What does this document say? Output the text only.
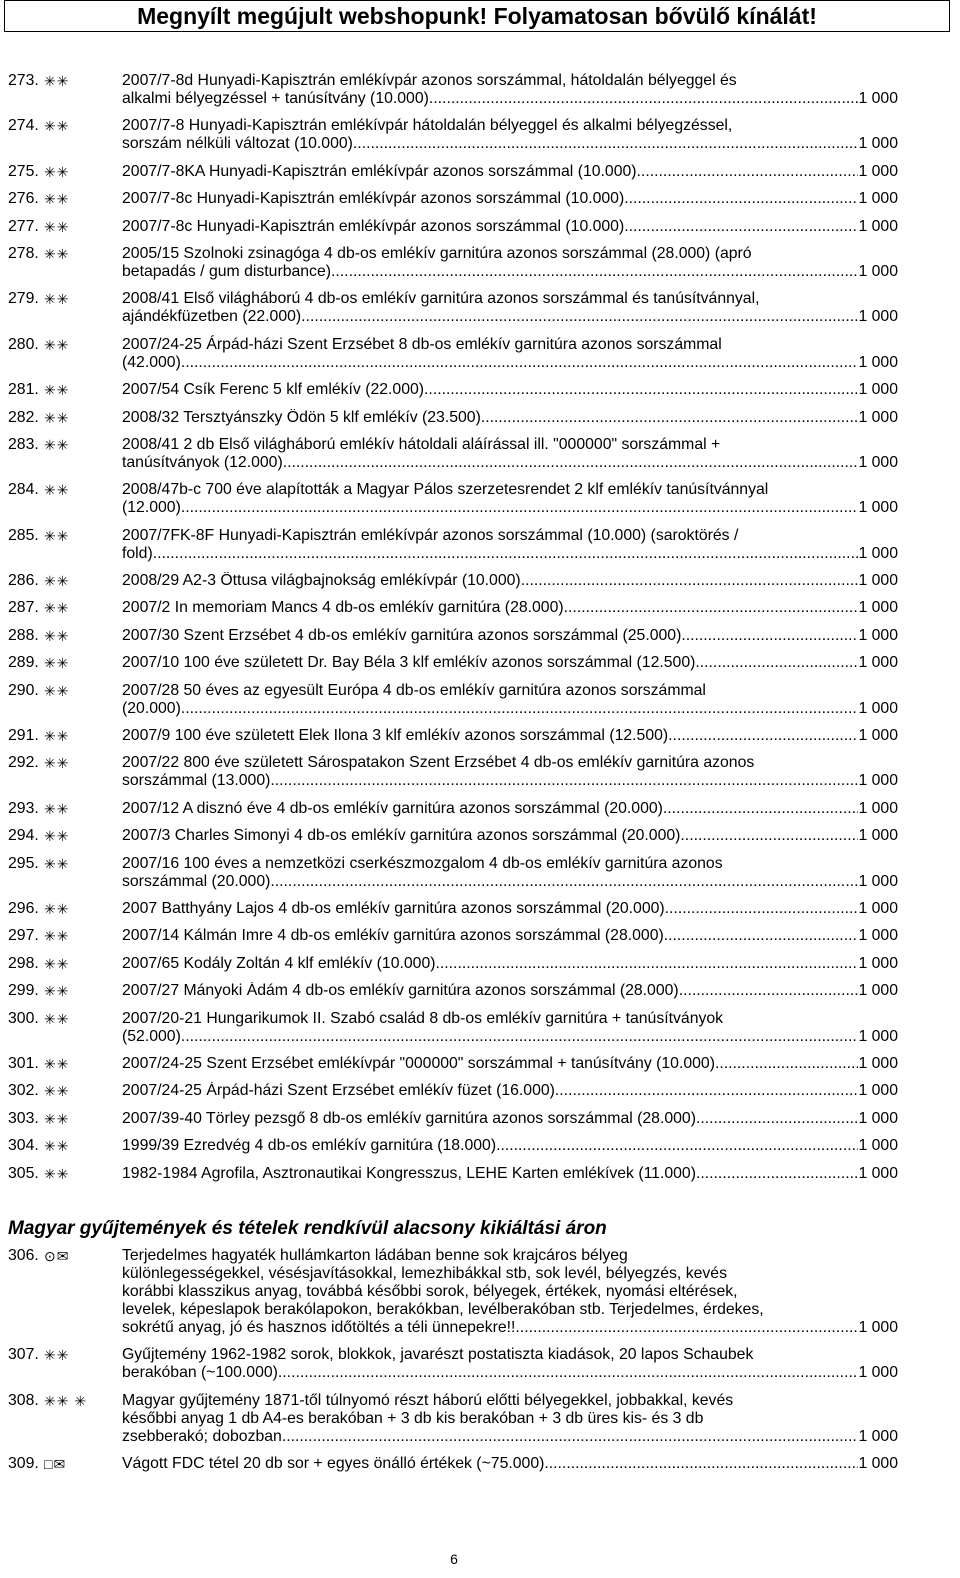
Megnyílt megújult webshopunk! Folyamatosan bővülő kínálát!
273. ✳✳	2007/7-8d Hunyadi-Kapisztrán emlékívpár azonos sorszámmal, hátoldalán bélyeggel és
alkalmi bélyegzéssel + tanúsítvány (10.000) .....	1 000
274. ✳✳	2007/7-8 Hunyadi-Kapisztrán emlékívpár hátoldalán bélyeggel és alkalmi bélyegzéssel,
sorszám nélküli változat (10.000) .....	1 000
275. ✳✳	2007/7-8KA Hunyadi-Kapisztrán emlékívpár azonos sorszámmal (10.000) .....	1 000
276. ✳✳	2007/7-8c Hunyadi-Kapisztrán emlékívpár azonos sorszámmal (10.000) .....	1 000
277. ✳✳	2007/7-8c Hunyadi-Kapisztrán emlékívpár azonos sorszámmal (10.000) .....	1 000
278. ✳✳	2005/15 Szolnoki zsinagóga 4 db-os emlékív garnitúra azonos sorszámmal (28.000) (apró
betapadás / gum disturbance) .....	1 000
279. ✳✳	2008/41 Első világháború 4 db-os emlékív garnitúra azonos sorszámmal és tanúsítvánnyal,
ajándékfüzetben (22.000) .....	1 000
280. ✳✳	2007/24-25 Árpád-házi Szent Erzsébet 8 db-os emlékív garnitúra azonos sorszámmal
(42.000) .....	1 000
281. ✳✳	2007/54 Csík Ferenc 5 klf emlékív (22.000) .....	1 000
282. ✳✳	2008/32 Tersztyánszky Ödön 5 klf emlékív (23.500) .....	1 000
283. ✳✳	2008/41 2 db Első világháború emlékív hátoldali aláírással ill. "000000" sorszámmal +
tanúsítványok (12.000) .....	1 000
284. ✳✳	2008/47b-c 700 éve alapították a Magyar Pálos szerzetesrendet 2 klf emlékív tanúsítvánnyal
(12.000) .....	1 000
285. ✳✳	2007/7FK-8F Hunyadi-Kapisztrán emlékívpár azonos sorszámmal (10.000) (saroktörés /
fold) .....	1 000
286. ✳✳	2008/29 A2-3 Öttusa világbajnokság emlékívpár (10.000) .....	1 000
287. ✳✳	2007/2 In memoriam Mancs 4 db-os emlékív garnitúra (28.000) .....	1 000
288. ✳✳	2007/30 Szent Erzsébet 4 db-os emlékív garnitúra azonos sorszámmal (25.000) .....	1 000
289. ✳✳	2007/10 100 éve született Dr. Bay Béla 3 klf emlékív azonos sorszámmal (12.500) .....	1 000
290. ✳✳	2007/28 50 éves az egyesült Európa 4 db-os emlékív garnitúra azonos sorszámmal
(20.000) .....	1 000
291. ✳✳	2007/9 100 éve született Elek Ilona 3 klf emlékív azonos sorszámmal (12.500) .....	1 000
292. ✳✳	2007/22 800 éve született Sárospatakon Szent Erzsébet 4 db-os emlékív garnitúra azonos
sorszámmal (13.000) .....	1 000
293. ✳✳	2007/12 A disznó éve 4 db-os emlékív garnitúra azonos sorszámmal (20.000) .....	1 000
294. ✳✳	2007/3 Charles Simonyi 4 db-os emlékív garnitúra azonos sorszámmal (20.000) .....	1 000
295. ✳✳	2007/16 100 éves a nemzetközi cserkészmozgalom 4 db-os emlékív garnitúra azonos
sorszámmal (20.000) .....	1 000
296. ✳✳	2007 Batthyány Lajos 4 db-os emlékív garnitúra azonos sorszámmal (20.000) .....	1 000
297. ✳✳	2007/14 Kálmán Imre 4 db-os emlékív garnitúra azonos sorszámmal (28.000) .....	1 000
298. ✳✳	2007/65 Kodály Zoltán 4 klf emlékív (10.000) .....	1 000
299. ✳✳	2007/27 Mányoki Ádám 4 db-os emlékív garnitúra azonos sorszámmal (28.000) .....	1 000
300. ✳✳	2007/20-21 Hungarikumok II. Szabó család 8 db-os emlékív garnitúra + tanúsítványok
(52.000) .....	1 000
301. ✳✳	2007/24-25 Szent Erzsébet emlékívpár "000000" sorszámmal + tanúsítvány (10.000) .....	1 000
302. ✳✳	2007/24-25 Árpád-házi Szent Erzsébet emlékív füzet (16.000) .....	1 000
303. ✳✳	2007/39-40 Törley pezsgő 8 db-os emlékív garnitúra azonos sorszámmal (28.000) .....	1 000
304. ✳✳	1999/39 Ezredvég 4 db-os emlékív garnitúra (18.000) .....	1 000
305. ✳✳	1982-1984 Agrofila, Asztronautikai Kongresszus, LEHE Karten emlékívek (11.000) .....	1 000
Magyar gyűjtemények és tételek rendkívül alacsony kikiáltási áron
306. ⊙✉	Terjedelmes hagyaték hullámkarton ládában benne sok krajcáros bélyeg
különlegességekkel, vésésjavításokkal, lemezhibákkal stb, sok levél, bélyegzés, kevés
korábbi klasszikus anyag, továbbá későbbi sorok, bélyegek, értékek, nyomási eltérések,
levelek, képeslapok berakólapokon, berakókban, levélberakóban stb. Terjedelmes, érdekes,
sokrétű anyag, jó és hasznos időtöltés a téli ünnepekre!! .....	1 000
307. ✳✳	Gyűjtemény 1962-1982 sorok, blokkok, javarészt postatiszta kiadások, 20 lapos Schaubek
berakóban (~100.000) .....	1 000
308. ✳✳ ✳	Magyar gyűjtemény 1871-től túlnyomó részt háború előtti bélyegekkel, jobbakkal, kevés
későbbi anyag 1 db A4-es berakóban + 3 db kis berakóban + 3 db üres kis- és 3 db
zsebberakó; dobozban .....	1 000
309. □✉	Vágott FDC tétel 20 db sor + egyes önálló értékek (~75.000) .....	1 000
6
